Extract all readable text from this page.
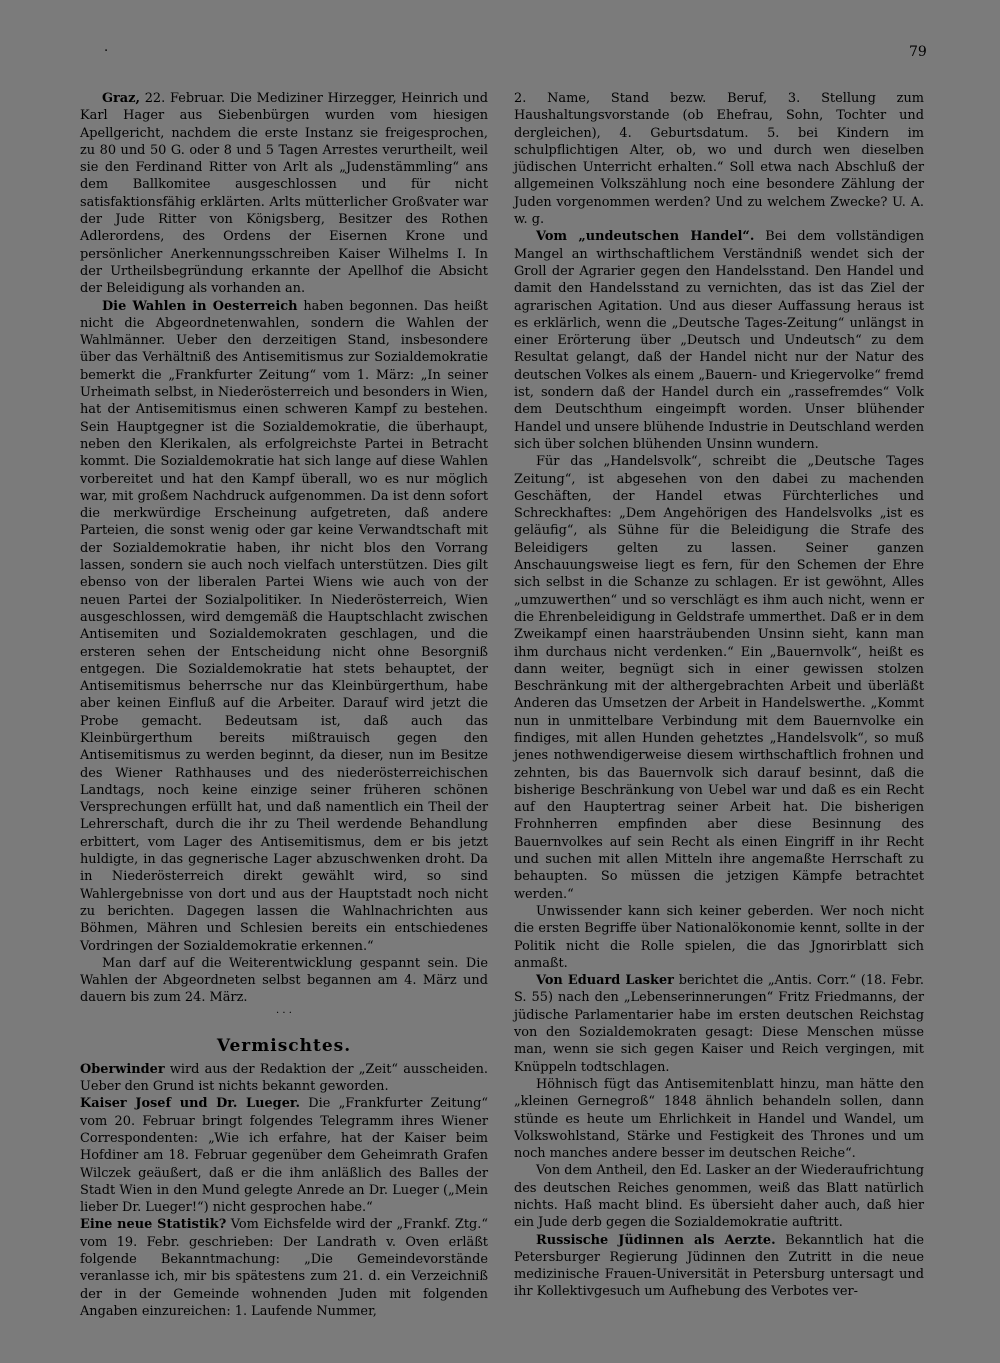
.	79

Graz, 22. Februar. Die Mediziner Hirzegger, Heinrich und Karl Hager aus Siebenbürgen wurden vom hiesigen Apellgericht, nachdem die erste Instanz sie freigesprochen, zu 80 und 50 G. oder 8 und 5 Tagen Arrestes verurtheilt, weil sie den Ferdinand Ritter von Arlt als „Judenstämmling“ ans dem Ballkomitee ausgeschlossen und für nicht satisfaktionsfähig erklärten. Arlts mütterlicher Großvater war der Jude Ritter von Königsberg, Besitzer des Rothen Adlerordens, des Ordens der Eisernen Krone und persönlicher Anerkennungsschreiben Kaiser Wilhelms I. In der Urtheilsbegründung erkannte der Apellhof die Absicht der Beleidigung als vorhanden an.

Die Wahlen in Oesterreich haben begonnen. Das heißt nicht die Abgeordnetenwahlen, sondern die Wahlen der Wahlmänner. Ueber den derzeitigen Stand, insbesondere über das Verhältniß des Antisemitismus zur Sozialdemokratie bemerkt die „Frankfurter Zeitung“ vom 1. März: „In seiner Urheimath selbst, in Niederösterreich und besonders in Wien, hat der Antisemitismus einen schweren Kampf zu bestehen. Sein Hauptgegner ist die Sozialdemokratie, die überhaupt, neben den Klerikalen, als erfolgreichste Partei in Betracht kommt. Die Sozialdemokratie hat sich lange auf diese Wahlen vorbereitet und hat den Kampf überall, wo es nur möglich war, mit großem Nachdruck aufgenommen. Da ist denn sofort die merkwürdige Erscheinung aufgetreten, daß andere Parteien, die sonst wenig oder gar keine Verwandtschaft mit der Sozialdemokratie haben, ihr nicht blos den Vorrang lassen, sondern sie auch noch vielfach unterstützen. Dies gilt ebenso von der liberalen Partei Wiens wie auch von der neuen Partei der Sozialpolitiker. In Niederösterreich, Wien ausgeschlossen, wird demgemäß die Hauptschlacht zwischen Antisemiten und Sozialdemokraten geschlagen, und die ersteren sehen der Entscheidung nicht ohne Besorgniß entgegen. Die Sozialdemokratie hat stets behauptet, der Antisemitismus beherrsche nur das Kleinbürgerthum, habe aber keinen Einfluß auf die Arbeiter. Darauf wird jetzt die Probe gemacht. Bedeutsam ist, daß auch das Kleinbürgerthum bereits mißtrauisch gegen den Antisemitismus zu werden beginnt, da dieser, nun im Besitze des Wiener Rathhauses und des niederösterreichischen Landtags, noch keine einzige seiner früheren schönen Versprechungen erfüllt hat, und daß namentlich ein Theil der Lehrerschaft, durch die ihr zu Theil werdende Behandlung erbittert, vom Lager des Antisemitismus, dem er bis jetzt huldigte, in das gegnerische Lager abzuschwenken droht. Da in Niederösterreich direkt gewählt wird, so sind Wahlergebnisse von dort und aus der Hauptstadt noch nicht zu berichten. Dagegen lassen die Wahlnachrichten aus Böhmen, Mähren und Schlesien bereits ein entschiedenes Vordringen der Sozialdemokratie erkennen.“

Man darf auf die Weiterentwicklung gespannt sein. Die Wahlen der Abgeordneten selbst begannen am 4. März und dauern bis zum 24. März.

· · ·
Vermischtes.

Oberwinder wird aus der Redaktion der „Zeit“ ausscheiden. Ueber den Grund ist nichts bekannt geworden.

Kaiser Josef und Dr. Lueger. Die „Frankfurter Zeitung“ vom 20. Februar bringt folgendes Telegramm ihres Wiener Correspondenten: „Wie ich erfahre, hat der Kaiser beim Hofdiner am 18. Februar gegenüber dem Geheimrath Grafen Wilczek geäußert, daß er die ihm anläßlich des Balles der Stadt Wien in den Mund gelegte Anrede an Dr. Lueger („Mein lieber Dr. Lueger!“) nicht gesprochen habe.“

Eine neue Statistik? Vom Eichsfelde wird der „Frankf. Ztg.“ vom 19. Febr. geschrieben: Der Landrath v. Oven erläßt folgende Bekanntmachung: „Die Gemeindevorstände veranlasse ich, mir bis spätestens zum 21. d. ein Verzeichniß der in der Gemeinde wohnenden Juden mit folgenden Angaben einzureichen: 1. Laufende Nummer,

2. Name, Stand bezw. Beruf, 3. Stellung zum Haushaltungsvorstande (ob Ehefrau, Sohn, Tochter und dergleichen), 4. Geburtsdatum. 5. bei Kindern im schulpflichtigen Alter, ob, wo und durch wen dieselben jüdischen Unterricht erhalten.“ Soll etwa nach Abschluß der allgemeinen Volkszählung noch eine besondere Zählung der Juden vorgenommen werden? Und zu welchem Zwecke? U. A. w. g.

Vom „undeutschen Handel“. Bei dem vollständigen Mangel an wirthschaftlichem Verständniß wendet sich der Groll der Agrarier gegen den Handelsstand. Den Handel und damit den Handelsstand zu vernichten, das ist das Ziel der agrarischen Agitation. Und aus dieser Auffassung heraus ist es erklärlich, wenn die „Deutsche Tages-Zeitung“ unlängst in einer Erörterung über „Deutsch und Undeutsch“ zu dem Resultat gelangt, daß der Handel nicht nur der Natur des deutschen Volkes als einem „Bauern- und Kriegervolke“ fremd ist, sondern daß der Handel durch ein „rassefremdes“ Volk dem Deutschthum eingeimpft worden. Unser blühender Handel und unsere blühende Industrie in Deutschland werden sich über solchen blühenden Unsinn wundern.

Für das „Handelsvolk“, schreibt die „Deutsche Tages Zeitung“, ist abgesehen von den dabei zu machenden Geschäften, der Handel etwas Fürchterliches und Schreckhaftes: „Dem Angehörigen des Handelsvolks „ist es geläufig“, als Sühne für die Beleidigung die Strafe des Beleidigers gelten zu lassen. Seiner ganzen Anschauungsweise liegt es fern, für den Schemen der Ehre sich selbst in die Schanze zu schlagen. Er ist gewöhnt, Alles „umzuwerthen“ und so verschlägt es ihm auch nicht, wenn er die Ehrenbeleidigung in Geldstrafe ummerthet. Daß er in dem Zweikampf einen haarsträubenden Unsinn sieht, kann man ihm durchaus nicht verdenken.“ Ein „Bauernvolk“, heißt es dann weiter, begnügt sich in einer gewissen stolzen Beschränkung mit der althergebrachten Arbeit und überläßt Anderen das Umsetzen der Arbeit in Handelswerthe. „Kommt nun in unmittelbare Verbindung mit dem Bauernvolke ein findiges, mit allen Hunden gehetztes „Handelsvolk“, so muß jenes nothwendigerweise diesem wirthschaftlich frohnen und zehnten, bis das Bauernvolk sich darauf besinnt, daß die bisherige Beschränkung von Uebel war und daß es ein Recht auf den Hauptertrag seiner Arbeit hat. Die bisherigen Frohnherren empfinden aber diese Besinnung des Bauernvolkes auf sein Recht als einen Eingriff in ihr Recht und suchen mit allen Mitteln ihre angemaßte Herrschaft zu behaupten. So müssen die jetzigen Kämpfe betrachtet werden.“

Unwissender kann sich keiner geberden. Wer noch nicht die ersten Begriffe über Nationalökonomie kennt, sollte in der Politik nicht die Rolle spielen, die das Jgnorirblatt sich anmaßt.

Von Eduard Lasker berichtet die „Antis. Corr.“ (18. Febr. S. 55) nach den „Lebenserinnerungen“ Fritz Friedmanns, der jüdische Parlamentarier habe im ersten deutschen Reichstag von den Sozialdemokraten gesagt: Diese Menschen müsse man, wenn sie sich gegen Kaiser und Reich vergingen, mit Knüppeln todtschlagen.

Höhnisch fügt das Antisemitenblatt hinzu, man hätte den „kleinen Gernegroß“ 1848 ähnlich behandeln sollen, dann stünde es heute um Ehrlichkeit in Handel und Wandel, um Volkswohlstand, Stärke und Festigkeit des Thrones und um noch manches andere besser im deutschen Reiche“.

Von dem Antheil, den Ed. Lasker an der Wiederaufrichtung des deutschen Reiches genommen, weiß das Blatt natürlich nichts. Haß macht blind. Es übersieht daher auch, daß hier ein Jude derb gegen die Sozialdemokratie auftritt.

Russische Jüdinnen als Aerzte. Bekanntlich hat die Petersburger Regierung Jüdinnen den Zutritt in die neue medizinische Frauen-Universität in Petersburg untersagt und ihr Kollektivgesuch um Aufhebung des Verbotes ver-
